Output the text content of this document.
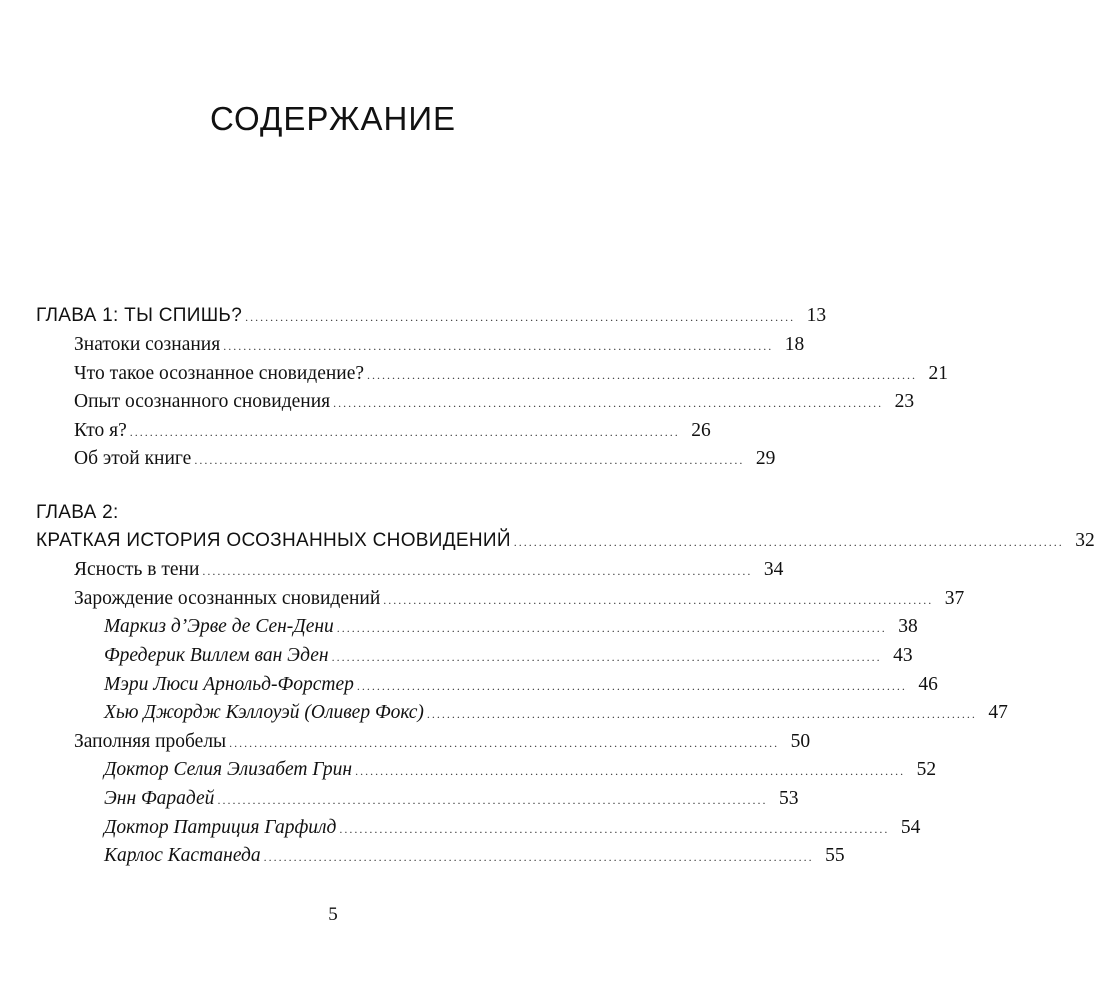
СОДЕРЖАНИЕ
ГЛАВА 1: ТЫ СПИШЬ? .............................................................................................................. 13
Знатоки сознания .............................................................................................................. 18
Что такое осознанное сновидение? .............................................................................................................. 21
Опыт осознанного сновидения .............................................................................................................. 23
Кто я? .............................................................................................................. 26
Об этой книге .............................................................................................................. 29
ГЛАВА 2:
КРАТКАЯ ИСТОРИЯ ОСОЗНАННЫХ СНОВИДЕНИЙ .............................................................................................................. 32
Ясность в тени .............................................................................................................. 34
Зарождение осознанных сновидений .............................................................................................................. 37
Маркиз д’Эрве де Сен-Дени .............................................................................................................. 38
Фредерик Виллем ван Эден .............................................................................................................. 43
Мэри Люси Арнольд-Форстер .............................................................................................................. 46
Хью Джордж Кэллоуэй (Оливер Фокс) .............................................................................................................. 47
Заполняя пробелы .............................................................................................................. 50
Доктор Селия Элизабет Грин .............................................................................................................. 52
Энн Фарадей .............................................................................................................. 53
Доктор Патриция Гарфилд .............................................................................................................. 54
Карлос Кастанеда .............................................................................................................. 55
5
